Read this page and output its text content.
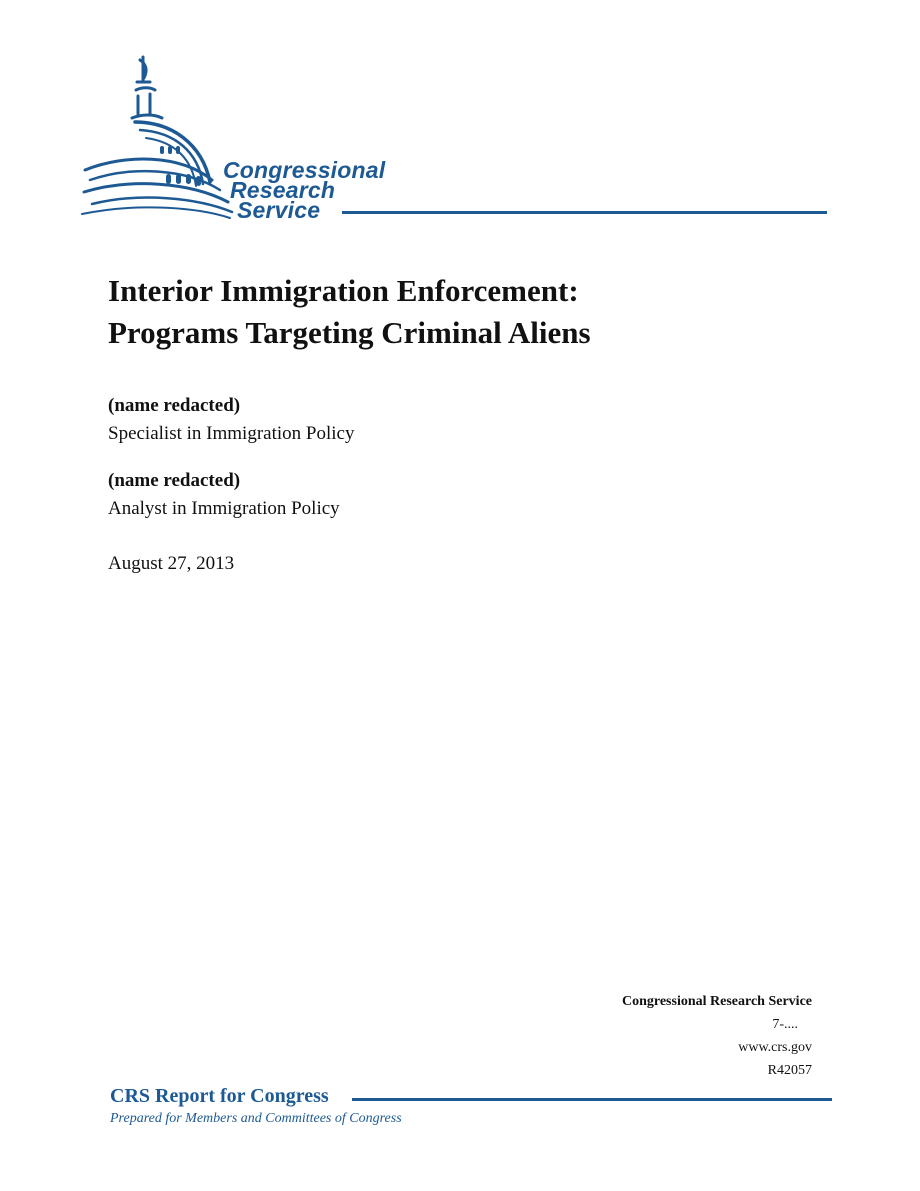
Congressional
Research
Service
Interior Immigration Enforcement:
Programs Targeting Criminal Aliens
(name redacted)
Specialist in Immigration Policy
(name redacted)
Analyst in Immigration Policy
August 27, 2013
Congressional Research Service
7-....
www.crs.gov
R42057
CRS Report for Congress
Prepared for Members and Committees of Congress
